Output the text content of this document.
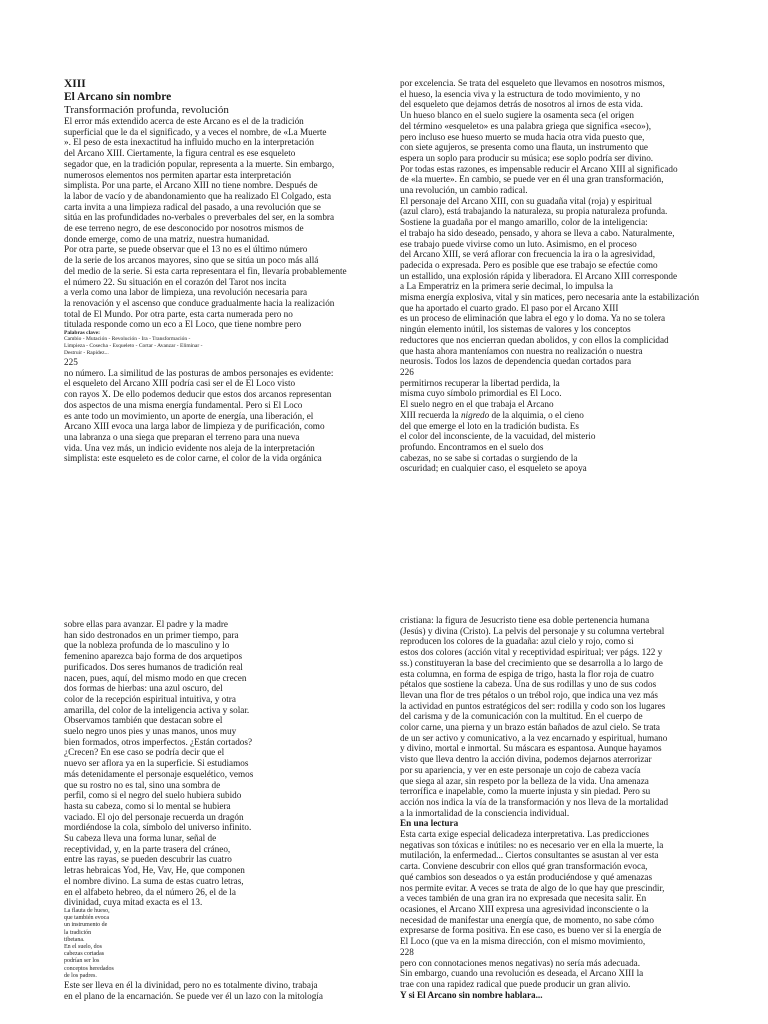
XIII

El Arcano sin nombre

Transformación profunda, revolución

El error más extendido acerca de este Arcano es el de la tradición

superficial que le da el significado, y a veces el nombre, de «La Muerte

». El peso de esta inexactitud ha influido mucho en la interpretación

del Arcano XIII. Ciertamente, la figura central es ese esqueleto

segador que, en la tradición popular, representa a la muerte. Sin embargo,

numerosos elementos nos permiten apartar esta interpretación

simplista. Por una parte, el Arcano XIII no tiene nombre. Después de

la labor de vacío y de abandonamiento que ha realizado El Colgado, esta

carta invita a una limpieza radical del pasado, a una revolución que se

sitúa en las profundidades no-verbales o preverbales del ser, en la sombra

de ese terreno negro, de ese desconocido por nosotros mismos de

donde emerge, como de una matriz, nuestra humanidad.

Por otra parte, se puede observar que el 13 no es el último número

de la serie de los arcanos mayores, sino que se sitúa un poco más allá

del medio de la serie. Si esta carta representara el fin, llevaría probablemente

el número 22. Su situación en el corazón del Tarot nos incita

a verla como una labor de limpieza, una revolución necesaria para

la renovación y el ascenso que conduce gradualmente hacia la realización

total de El Mundo. Por otra parte, esta carta numerada pero no

titulada responde como un eco a El Loco, que tiene nombre pero

Palabras clave:

Cambio - Mutación - Revolución - Ira - Transformación -

Limpieza - Cosecha - Esqueleto - Cortar - Avanzar - Eliminar -

Destruir - Rapidez...

225

no número. La similitud de las posturas de ambos personajes es evidente:

el esqueleto del Arcano XIII podría casi ser el de El Loco visto

con rayos X. De ello podemos deducir que estos dos arcanos representan

dos aspectos de una misma energía fundamental. Pero si El Loco

es ante todo un movimiento, un aporte de energía, una liberación, el

Arcano XIII evoca una larga labor de limpieza y de purificación, como

una labranza o una siega que preparan el terreno para una nueva

vida. Una vez más, un indicio evidente nos aleja de la interpretación

simplista: este esqueleto es de color carne, el color de la vida orgánica

por excelencia. Se trata del esqueleto que llevamos en nosotros mismos,

el hueso, la esencia viva y la estructura de todo movimiento, y no

del esqueleto que dejamos detrás de nosotros al irnos de esta vida.

Un hueso blanco en el suelo sugiere la osamenta seca (el origen

del término «esqueleto» es una palabra griega que significa «seco»),

pero incluso ese hueso muerto se muda hacia otra vida puesto que,

con siete agujeros, se presenta como una flauta, un instrumento que

espera un soplo para producir su música; ese soplo podría ser divino.

Por todas estas razones, es impensable reducir el Arcano XIII al significado

de «la muerte». En cambio, se puede ver en él una gran transformación,

una revolución, un cambio radical.

El personaje del Arcano XIII, con su guadaña vital (roja) y espiritual

(azul claro), está trabajando la naturaleza, su propia naturaleza profunda.

Sostiene la guadaña por el mango amarillo, color de la inteligencia:

el trabajo ha sido deseado, pensado, y ahora se lleva a cabo. Naturalmente,

ese trabajo puede vivirse como un luto. Asimismo, en el proceso

del Arcano XIII, se verá aflorar con frecuencia la ira o la agresividad,

padecida o expresada. Pero es posible que ese trabajo se efectúe como

un estallido, una explosión rápida y liberadora. El Arcano XIII corresponde

a La Emperatriz en la primera serie decimal, lo impulsa la

misma energía explosiva, vital y sin matices, pero necesaria ante la estabilización

que ha aportado el cuarto grado. El paso por el Arcano XIII

es un proceso de eliminación que labra el ego y lo doma. Ya no se tolera

ningún elemento inútil, los sistemas de valores y los conceptos

reductores que nos encierran quedan abolidos, y con ellos la complicidad

que hasta ahora manteníamos con nuestra no realización o nuestra

neurosis. Todos los lazos de dependencia quedan cortados para

226

permitirnos recuperar la libertad perdida, la

misma cuyo símbolo primordial es El Loco.

El suelo negro en el que trabaja el Arcano

XIII recuerda la nigredo de la alquimia, o el cieno

del que emerge el loto en la tradición budista. Es

el color del inconsciente, de la vacuidad, del misterio

profundo. Encontramos en el suelo dos

cabezas, no se sabe si cortadas o surgiendo de la

oscuridad; en cualquier caso, el esqueleto se apoya

sobre ellas para avanzar. El padre y la madre

han sido destronados en un primer tiempo, para

que la nobleza profunda de lo masculino y lo

femenino aparezca bajo forma de dos arquetipos

purificados. Dos seres humanos de tradición real

nacen, pues, aquí, del mismo modo en que crecen

dos formas de hierbas: una azul oscuro, del

color de la recepción espiritual intuitiva, y otra

amarilla, del color de la inteligencia activa y solar.

Observamos también que destacan sobre el

suelo negro unos pies y unas manos, unos muy

bien formados, otros imperfectos. ¿Están cortados?

¿Crecen? En ese caso se podría decir que el

nuevo ser aflora ya en la superficie. Si estudiamos

más detenidamente el personaje esquelético, vemos

que su rostro no es tal, sino una sombra de

perfil, como si el negro del suelo hubiera subido

hasta su cabeza, como si lo mental se hubiera

vaciado. El ojo del personaje recuerda un dragón

mordiéndose la cola, símbolo del universo infinito.

Su cabeza lleva una forma lunar, señal de

receptividad, y, en la parte trasera del cráneo,

entre las rayas, se pueden descubrir las cuatro

letras hebraicas Yod, He, Vav, He, que componen

el nombre divino. La suma de estas cuatro letras,

en el alfabeto hebreo, da el número 26, el de la

divinidad, cuya mitad exacta es el 13.

La flauta de hueso,

que también evoca

un instrumento de

la tradición

tibetana.

En el suelo, dos

cabezas cortadas

podrían ser los

conceptos heredados

de los padres.

Este ser lleva en él la divinidad, pero no es totalmente divino, trabaja

en el plano de la encarnación. Se puede ver él un lazo con la mitología

cristiana: la figura de Jesucristo tiene esa doble pertenencia humana

(Jesús) y divina (Cristo). La pelvis del personaje y su columna vertebral

reproducen los colores de la guadaña: azul cielo y rojo, como si

estos dos colores (acción vital y receptividad espiritual; ver págs. 122 y

ss.) constituyeran la base del crecimiento que se desarrolla a lo largo de

esta columna, en forma de espiga de trigo, hasta la flor roja de cuatro

pétalos que sostiene la cabeza. Una de sus rodillas y uno de sus codos

llevan una flor de tres pétalos o un trébol rojo, que indica una vez más

la actividad en puntos estratégicos del ser: rodilla y codo son los lugares

del carisma y de la comunicación con la multitud. En el cuerpo de

color carne, una pierna y un brazo están bañados de azul cielo. Se trata

de un ser activo y comunicativo, a la vez encarnado y espiritual, humano

y divino, mortal e inmortal. Su máscara es espantosa. Aunque hayamos

visto que lleva dentro la acción divina, podemos dejarnos aterrorizar

por su apariencia, y ver en este personaje un cojo de cabeza vacía

que siega al azar, sin respeto por la belleza de la vida. Una amenaza

terrorífica e inapelable, como la muerte injusta y sin piedad. Pero su

acción nos indica la vía de la transformación y nos lleva de la mortalidad

a la inmortalidad de la consciencia individual.

En una lectura

Esta carta exige especial delicadeza interpretativa. Las predicciones

negativas son tóxicas e inútiles: no es necesario ver en ella la muerte, la

mutilación, la enfermedad... Ciertos consultantes se asustan al ver esta

carta. Conviene descubrir con ellos qué gran transformación evoca,

qué cambios son deseados o ya están produciéndose y qué amenazas

nos permite evitar. A veces se trata de algo de lo que hay que prescindir,

a veces también de una gran ira no expresada que necesita salir. En

ocasiones, el Arcano XIII expresa una agresividad inconsciente o la

necesidad de manifestar una energía que, de momento, no sabe cómo

expresarse de forma positiva. En ese caso, es bueno ver si la energía de

El Loco (que va en la misma dirección, con el mismo movimiento,

228

pero con connotaciones menos negativas) no sería más adecuada.

Sin embargo, cuando una revolución es deseada, el Arcano XIII la

trae con una rapidez radical que puede producir un gran alivio.

Y si El Arcano sin nombre hablara...
